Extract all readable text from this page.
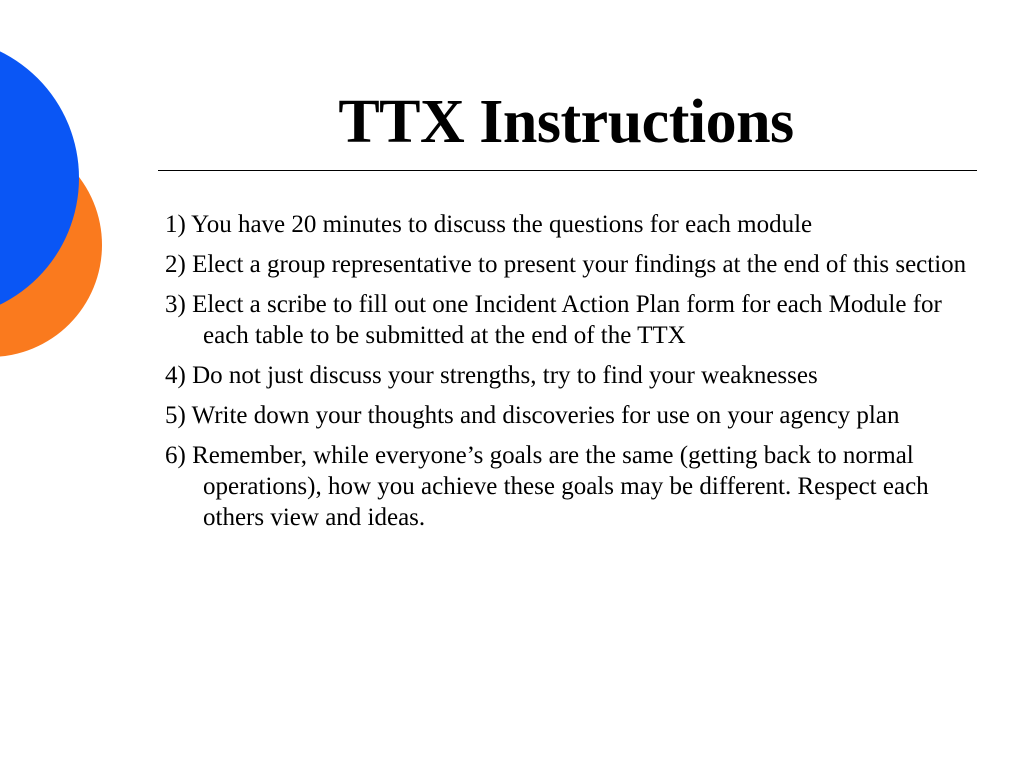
TTX Instructions
1) You have 20 minutes to discuss the questions for each module
2) Elect a group representative to present your findings at the end of this section
3) Elect a scribe to fill out one Incident Action Plan form for each Module for each table to be submitted at the end of the TTX
4) Do not just discuss your strengths, try to find your weaknesses
5) Write down your thoughts and discoveries for use on your agency plan
6) Remember, while everyone’s goals are the same (getting back to normal operations), how you achieve these goals may be different. Respect each others view and ideas.
